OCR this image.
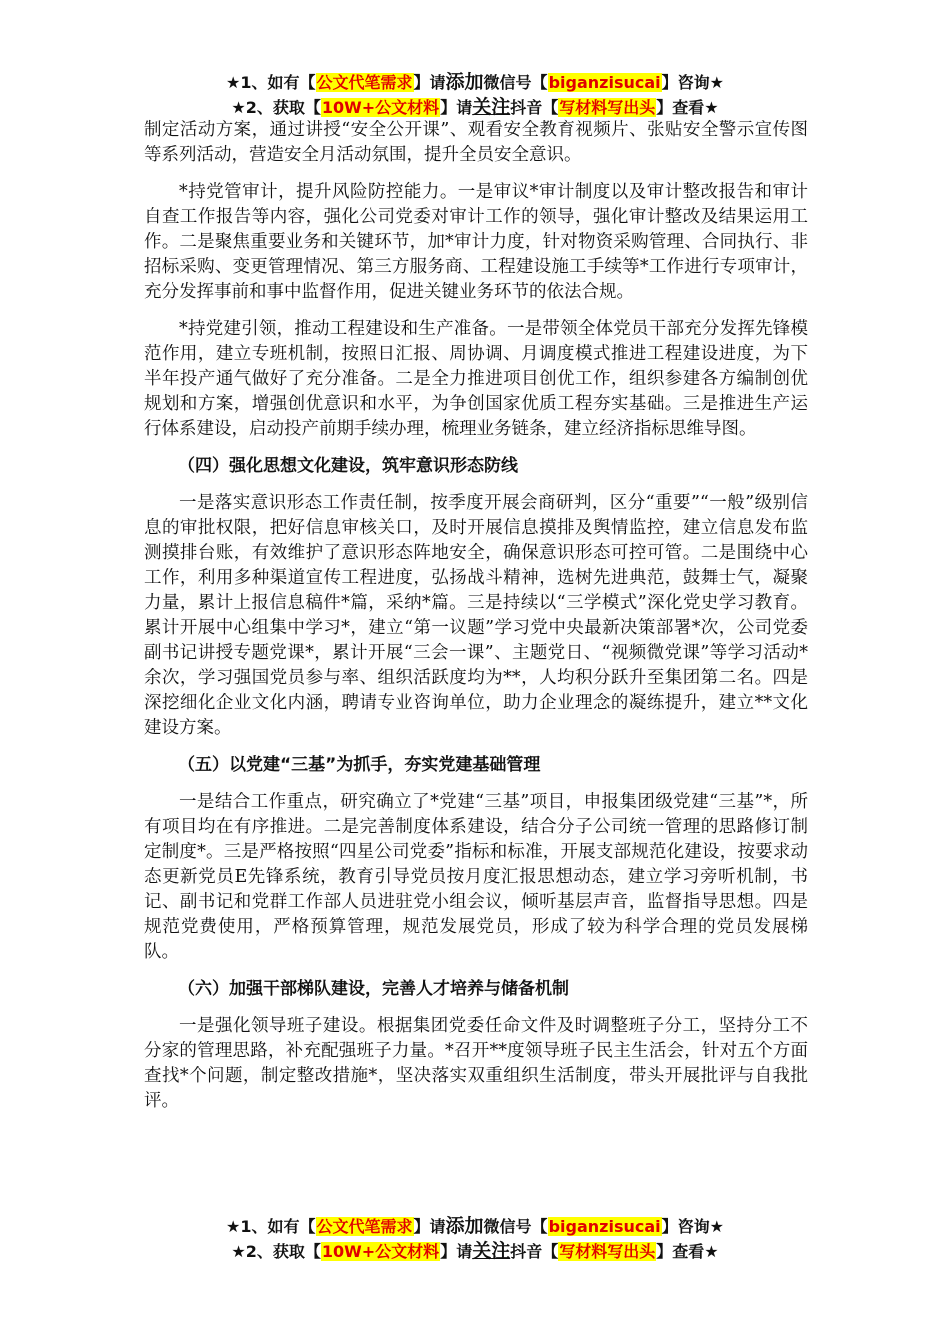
★1、如有【公文代笔需求】请添加微信号【biganzisucai】咨询★
★2、获取【10W+公文材料】请关注抖音【写材料写出头】查看★

制定活动方案，通过讲授“安全公开课”、观看安全教育视频片、张贴安全警示宣传图等系列活动，营造安全月活动氛围，提升全员安全意识。

*持党管审计，提升风险防控能力。一是审议*审计制度以及审计整改报告和审计自查工作报告等内容，强化公司党委对审计工作的领导，强化审计整改及结果运用工作。二是聚焦重要业务和关键环节，加*审计力度，针对物资采购管理、合同执行、非招标采购、变更管理情况、第三方服务商、工程建设施工手续等*工作进行专项审计，充分发挥事前和事中监督作用，促进关键业务环节的依法合规。

*持党建引领，推动工程建设和生产准备。一是带领全体党员干部充分发挥先锋模范作用，建立专班机制，按照日汇报、周协调、月调度模式推进工程建设进度，为下半年投产通气做好了充分准备。二是全力推进项目创优工作，组织参建各方编制创优规划和方案，增强创优意识和水平，为争创国家优质工程夯实基础。三是推进生产运行体系建设，启动投产前期手续办理，梳理业务链条，建立经济指标思维导图。

（四）强化思想文化建设，筑牢意识形态防线

一是落实意识形态工作责任制，按季度开展会商研判，区分“重要”“一般”级别信息的审批权限，把好信息审核关口，及时开展信息摸排及舆情监控，建立信息发布监测摸排台账，有效维护了意识形态阵地安全，确保意识形态可控可管。二是围绕中心工作，利用多种渠道宣传工程进度，弘扬战斗精神，选树先进典范，鼓舞士气，凝聚力量，累计上报信息稿件*篇，采纳*篇。三是持续以“三学模式”深化党史学习教育。累计开展中心组集中学习*，建立“第一议题”学习党中央最新决策部署*次，公司党委副书记讲授专题党课*，累计开展“三会一课”、主题党日、“视频微党课”等学习活动*余次，学习强国党员参与率、组织活跃度均为**，人均积分跃升至集团第二名。四是深挖细化企业文化内涵，聘请专业咨询单位，助力企业理念的凝练提升，建立**文化建设方案。

（五）以党建“三基”为抓手，夯实党建基础管理

一是结合工作重点，研究确立了*党建“三基”项目，申报集团级党建“三基”*，所有项目均在有序推进。二是完善制度体系建设，结合分子公司统一管理的思路修订制定制度*。三是严格按照“四星公司党委”指标和标准，开展支部规范化建设，按要求动态更新党员E先锋系统，教育引导党员按月度汇报思想动态，建立学习旁听机制，书记、副书记和党群工作部人员进驻党小组会议，倾听基层声音，监督指导思想。四是规范党费使用，严格预算管理，规范发展党员，形成了较为科学合理的党员发展梯队。

（六）加强干部梯队建设，完善人才培养与储备机制

一是强化领导班子建设。根据集团党委任命文件及时调整班子分工，坚持分工不分家的管理思路，补充配强班子力量。*召开**度领导班子民主生活会，针对五个方面查找*个问题，制定整改措施*，坚决落实双重组织生活制度，带头开展批评与自我批评。

★1、如有【公文代笔需求】请添加微信号【biganzisucai】咨询★
★2、获取【10W+公文材料】请关注抖音【写材料写出头】查看★
